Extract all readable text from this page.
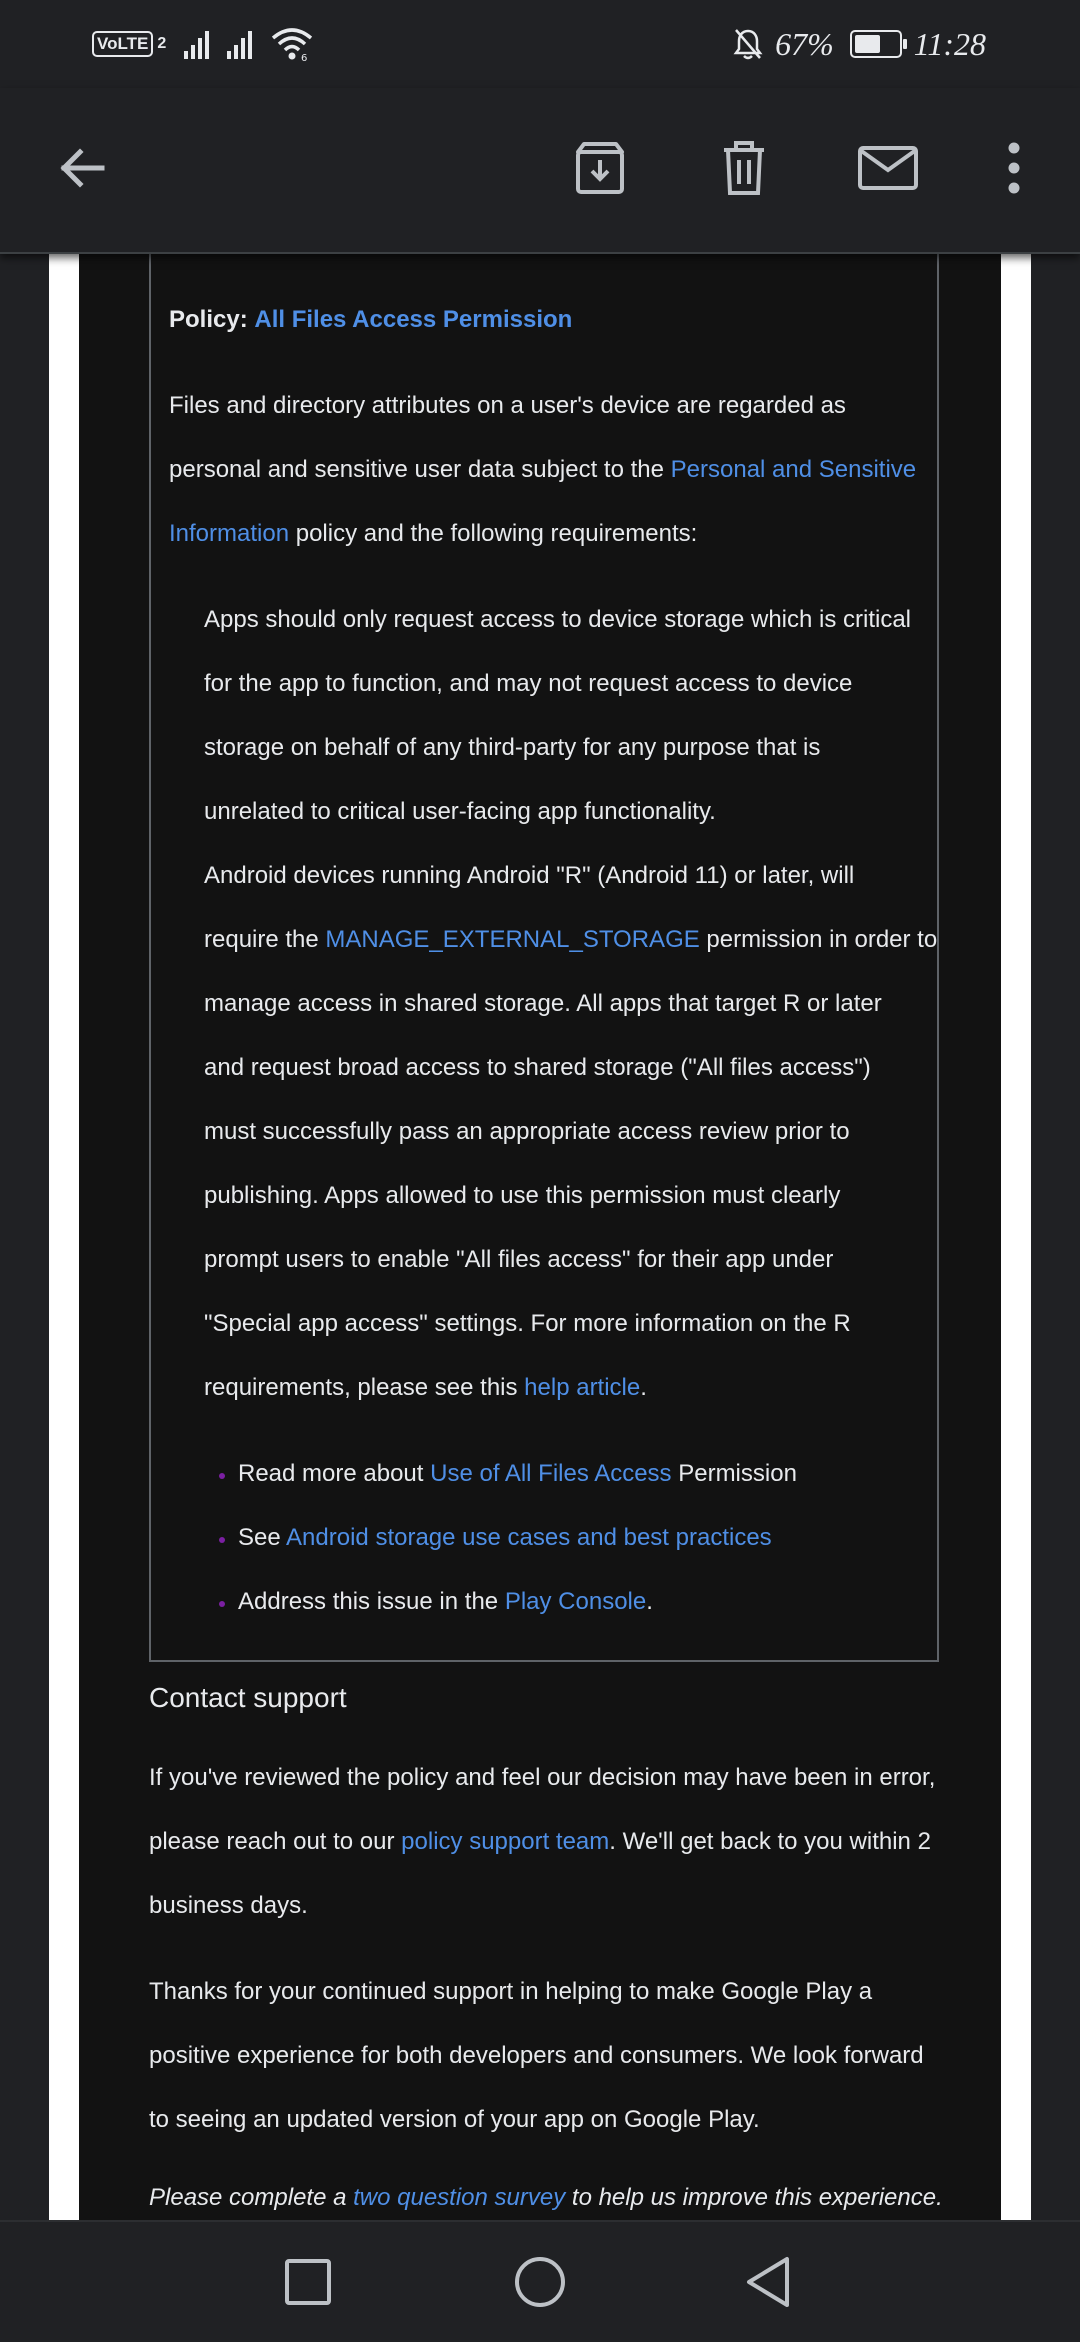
VoLTE 2
6	67%	11:28
Policy: All Files Access Permission
Files and directory attributes on a user's device are regarded as
personal and sensitive user data subject to the Personal and Sensitive
Information policy and the following requirements:
Apps should only request access to device storage which is critical
for the app to function, and may not request access to device
storage on behalf of any third-party for any purpose that is
unrelated to critical user-facing app functionality.
Android devices running Android "R" (Android 11) or later, will
require the MANAGE_EXTERNAL_STORAGE permission in order to
manage access in shared storage. All apps that target R or later
and request broad access to shared storage ("All files access")
must successfully pass an appropriate access review prior to
publishing. Apps allowed to use this permission must clearly
prompt users to enable "All files access" for their app under
"Special app access" settings. For more information on the R
requirements, please see this help article.
Read more about Use of All Files Access Permission
See Android storage use cases and best practices
Address this issue in the Play Console.
Contact support
If you've reviewed the policy and feel our decision may have been in error,
please reach out to our policy support team. We'll get back to you within 2
business days.
Thanks for your continued support in helping to make Google Play a
positive experience for both developers and consumers. We look forward
to seeing an updated version of your app on Google Play.
Please complete a two question survey to help us improve this experience.
